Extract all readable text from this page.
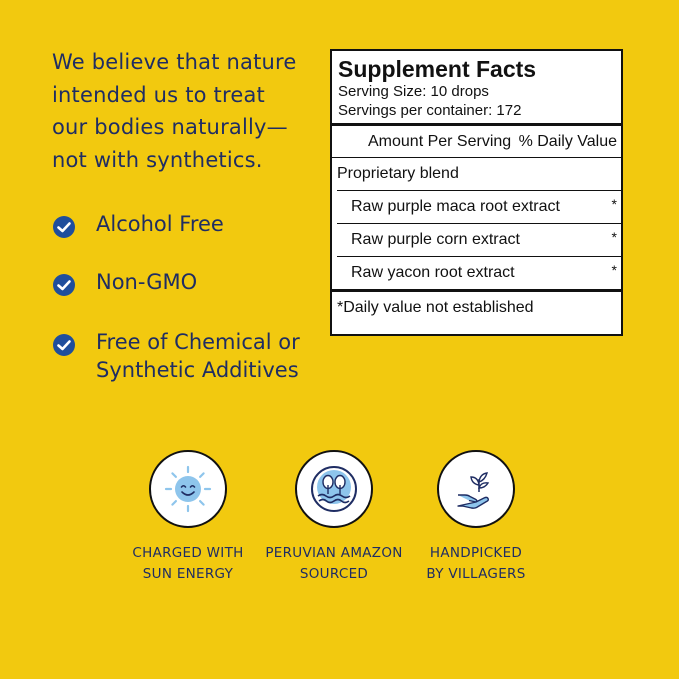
We believe that nature
intended us to treat
our bodies naturally—
not with synthetics.
Alcohol Free
Non-GMO
Free of Chemical or
Synthetic Additives
Supplement Facts
Serving Size: 10 drops
Servings per container: 172
Amount Per Serving % Daily Value
Proprietary blend
Raw purple maca root extract	*
Raw purple corn extract	*
Raw yacon root extract	*
*Daily value not established
CHARGED WITH
SUN ENERGY
PERUVIAN AMAZON
SOURCED
HANDPICKED
BY VILLAGERS
